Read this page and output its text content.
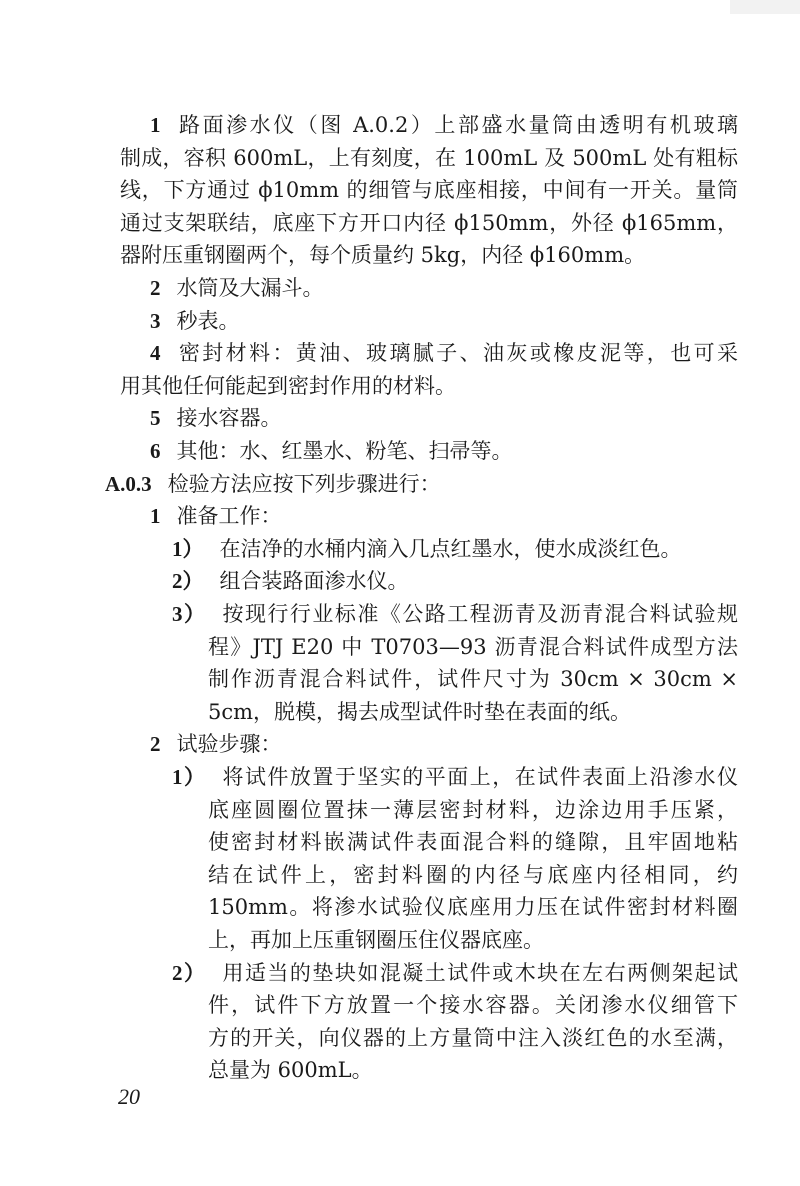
1 路面渗水仪（图 A.0.2）上部盛水量筒由透明有机玻璃
制成，容积 600mL，上有刻度，在 100mL 及 500mL 处有粗标
线，下方通过 ϕ10mm 的细管与底座相接，中间有一开关。量筒
通过支架联结，底座下方开口内径 ϕ150mm，外径 ϕ165mm，
器附压重钢圈两个，每个质量约 5kg，内径 ϕ160mm。
2 水筒及大漏斗。
3 秒表。
4 密封材料：黄油、玻璃腻子、油灰或橡皮泥等，也可采
用其他任何能起到密封作用的材料。
5 接水容器。
6 其他：水、红墨水、粉笔、扫帚等。
A.0.3 检验方法应按下列步骤进行：
1 准备工作：
1） 在洁净的水桶内滴入几点红墨水，使水成淡红色。
2） 组合装路面渗水仪。
3） 按现行行业标准《公路工程沥青及沥青混合料试验规
程》JTJ E20 中 T0703—93 沥青混合料试件成型方法
制作沥青混合料试件，试件尺寸为 30cm × 30cm ×
5cm，脱模，揭去成型试件时垫在表面的纸。
2 试验步骤：
1） 将试件放置于坚实的平面上，在试件表面上沿渗水仪
底座圆圈位置抹一薄层密封材料，边涂边用手压紧，
使密封材料嵌满试件表面混合料的缝隙，且牢固地粘
结在试件上，密封料圈的内径与底座内径相同，约
150mm。将渗水试验仪底座用力压在试件密封材料圈
上，再加上压重钢圈压住仪器底座。
2） 用适当的垫块如混凝土试件或木块在左右两侧架起试
件，试件下方放置一个接水容器。关闭渗水仪细管下
方的开关，向仪器的上方量筒中注入淡红色的水至满，
总量为 600mL。
20
